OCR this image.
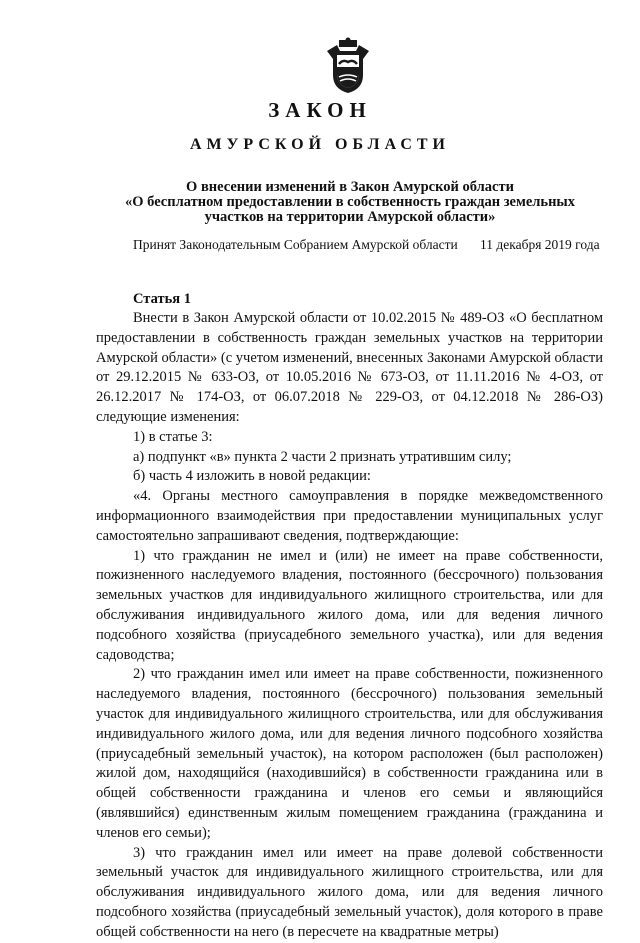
ЗАКОН
АМУРСКОЙ ОБЛАСТИ
О внесении изменений в Закон Амурской области
«О бесплатном предоставлении в собственность граждан земельных
участков на территории Амурской области»
Принят Законодательным Собранием Амурской области 11 декабря 2019 года
Статья 1

Внести в Закон Амурской области от 10.02.2015 № 489-ОЗ «О бесплатном предоставлении в собственность граждан земельных участков на территории Амурской области» (с учетом изменений, внесенных Законами Амурской области от 29.12.2015 № 633-ОЗ, от 10.05.2016 № 673-ОЗ, от 11.11.2016 № 4-ОЗ, от 26.12.2017 № 174-ОЗ, от 06.07.2018 № 229-ОЗ, от 04.12.2018 № 286-ОЗ) следующие изменения:

1) в статье 3:

а) подпункт «в» пункта 2 части 2 признать утратившим силу;

б) часть 4 изложить в новой редакции:

«4. Органы местного самоуправления в порядке межведомственного информационного взаимодействия при предоставлении муниципальных услуг самостоятельно запрашивают сведения, подтверждающие:

1) что гражданин не имел и (или) не имеет на праве собственности, пожизненного наследуемого владения, постоянного (бессрочного) пользования земельных участков для индивидуального жилищного строительства, или для обслуживания индивидуального жилого дома, или для ведения личного подсобного хозяйства (приусадебного земельного участка), или для ведения садоводства;

2) что гражданин имел или имеет на праве собственности, пожизненного наследуемого владения, постоянного (бессрочного) пользования земельный участок для индивидуального жилищного строительства, или для обслуживания индивидуального жилого дома, или для ведения личного подсобного хозяйства (приусадебный земельный участок), на котором расположен (был расположен) жилой дом, находящийся (находившийся) в собственности гражданина или в общей собственности гражданина и членов его семьи и являющийся (являвшийся) единственным жилым помещением гражданина (гражданина и членов его семьи);

3) что гражданин имел или имеет на праве долевой собственности земельный участок для индивидуального жилищного строительства, или для обслуживания индивидуального жилого дома, или для ведения личного подсобного хозяйства (приусадебный земельный участок), доля которого в праве общей собственности на него (в пересчете на квадратные метры)
